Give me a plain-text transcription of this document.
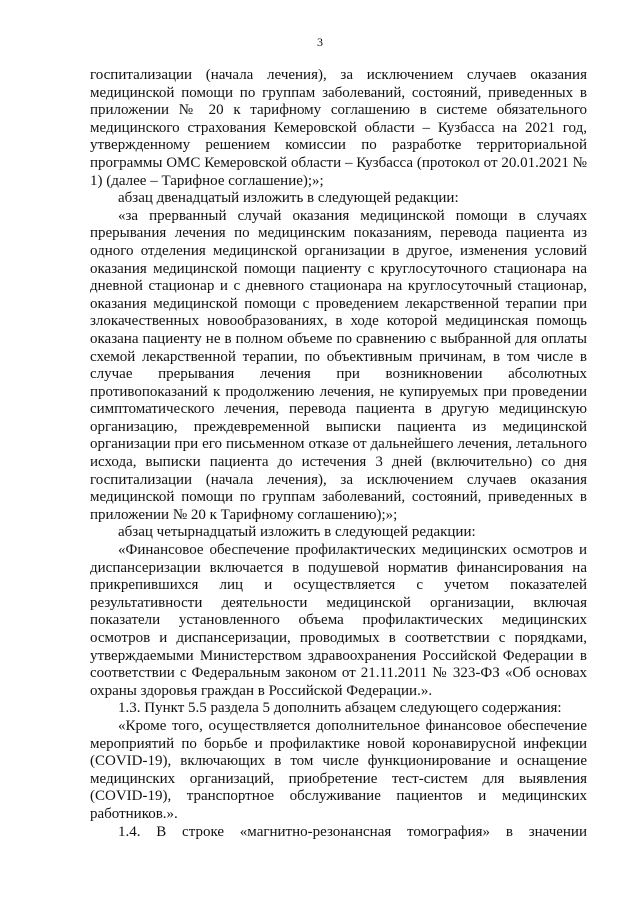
3

госпитализации (начала лечения), за исключением случаев оказания медицинской помощи по группам заболеваний, состояний, приведенных в приложении № 20 к тарифному соглашению в системе обязательного медицинского страхования Кемеровской области – Кузбасса на 2021 год, утвержденному решением комиссии по разработке территориальной программы ОМС Кемеровской области – Кузбасса (протокол от 20.01.2021 № 1) (далее – Тарифное соглашение);»;

абзац двенадцатый изложить в следующей редакции:

«за прерванный случай оказания медицинской помощи в случаях прерывания лечения по медицинским показаниям, перевода пациента из одного отделения медицинской организации в другое, изменения условий оказания медицинской помощи пациенту с круглосуточного стационара на дневной стационар и с дневного стационара на круглосуточный стационар, оказания медицинской помощи с проведением лекарственной терапии при злокачественных новообразованиях, в ходе которой медицинская помощь оказана пациенту не в полном объеме по сравнению с выбранной для оплаты схемой лекарственной терапии, по объективным причинам, в том числе в случае прерывания лечения при возникновении абсолютных противопоказаний к продолжению лечения, не купируемых при проведении симптоматического лечения, перевода пациента в другую медицинскую организацию, преждевременной выписки пациента из медицинской организации при его письменном отказе от дальнейшего лечения, летального исхода, выписки пациента до истечения 3 дней (включительно) со дня госпитализации (начала лечения), за исключением случаев оказания медицинской помощи по группам заболеваний, состояний, приведенных в приложении № 20 к Тарифному соглашению);»;

абзац четырнадцатый изложить в следующей редакции:

«Финансовое обеспечение профилактических медицинских осмотров и диспансеризации включается в подушевой норматив финансирования на прикрепившихся лиц и осуществляется с учетом показателей результативности деятельности медицинской организации, включая показатели установленного объема профилактических медицинских осмотров и диспансеризации, проводимых в соответствии с порядками, утверждаемыми Министерством здравоохранения Российской Федерации в соответствии с Федеральным законом от 21.11.2011 № 323-ФЗ «Об основах охраны здоровья граждан в Российской Федерации.».

1.3. Пункт 5.5 раздела 5 дополнить абзацем следующего содержания:

«Кроме того, осуществляется дополнительное финансовое обеспечение мероприятий по борьбе и профилактике новой коронавирусной инфекции (COVID-19), включающих в том числе функционирование и оснащение медицинских организаций, приобретение тест-систем для выявления (COVID-19), транспортное обслуживание пациентов и медицинских работников.».

1.4. В строке «магнитно-резонансная томография» в значении
